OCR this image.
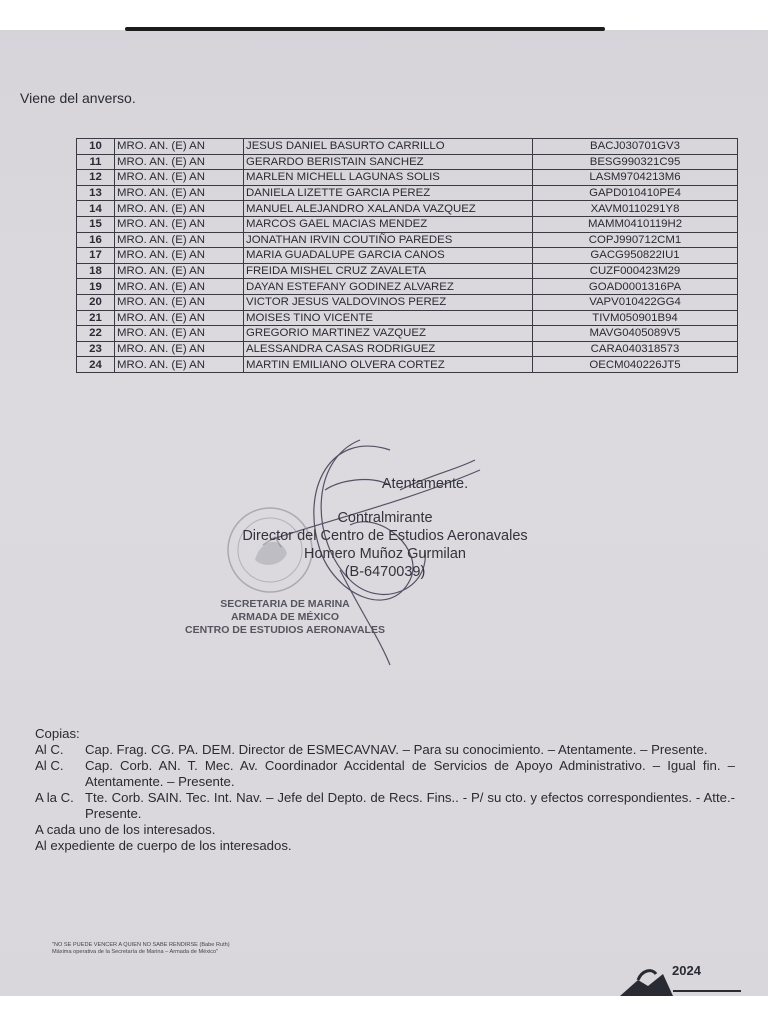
Viene del anverso.
10	MRO. AN. (E) AN	JESUS DANIEL BASURTO CARRILLO	BACJ030701GV3
11	MRO. AN. (E) AN	GERARDO BERISTAIN SANCHEZ	BESG990321C95
12	MRO. AN. (E) AN	MARLEN MICHELL LAGUNAS SOLIS	LASM9704213M6
13	MRO. AN. (E) AN	DANIELA LIZETTE GARCIA PEREZ	GAPD010410PE4
14	MRO. AN. (E) AN	MANUEL ALEJANDRO XALANDA VAZQUEZ	XAVM0110291Y8
15	MRO. AN. (E) AN	MARCOS GAEL MACIAS MENDEZ	MAMM0410119H2
16	MRO. AN. (E) AN	JONATHAN IRVIN COUTIÑO PAREDES	COPJ990712CM1
17	MRO. AN. (E) AN	MARIA GUADALUPE GARCIA CANOS	GACG950822IU1
18	MRO. AN. (E) AN	FREIDA MISHEL CRUZ ZAVALETA	CUZF000423M29
19	MRO. AN. (E) AN	DAYAN ESTEFANY GODINEZ ALVAREZ	GOAD0001316PA
20	MRO. AN. (E) AN	VICTOR JESUS VALDOVINOS PEREZ	VAPV010422GG4
21	MRO. AN. (E) AN	MOISES TINO VICENTE	TIVM050901B94
22	MRO. AN. (E) AN	GREGORIO MARTINEZ VAZQUEZ	MAVG0405089V5
23	MRO. AN. (E) AN	ALESSANDRA CASAS RODRIGUEZ	CARA040318573
24	MRO. AN. (E) AN	MARTIN EMILIANO OLVERA CORTEZ	OECM040226JT5
Atentamente.
Contralmirante
Director del Centro de Estudios Aeronavales
Homero Muñoz Gurmilan
(B-6470039)
SECRETARIA DE MARINA
ARMADA DE MÉXICO
CENTRO DE ESTUDIOS AERONAVALES
Copias:
Al C.	Cap. Frag. CG. PA. DEM. Director de ESMECAVNAV. – Para su conocimiento. – Atentamente. – Presente.
Al C.	Cap. Corb. AN. T. Mec. Av. Coordinador Accidental de Servicios de Apoyo Administrativo. – Igual fin. – Atentamente. – Presente.
A la C. Tte. Corb. SAIN. Tec. Int. Nav. – Jefe del Depto. de Recs. Fins.. - P/ su cto. y efectos correspondientes. - Atte.- Presente.
A cada uno de los interesados.
Al expediente de cuerpo de los interesados.
"NO SE PUEDE VENCER A QUIEN NO SABE RENDIRSE (Babe Ruth)
Máxima operativa de la Secretaría de Marina – Armada de México"
2024
